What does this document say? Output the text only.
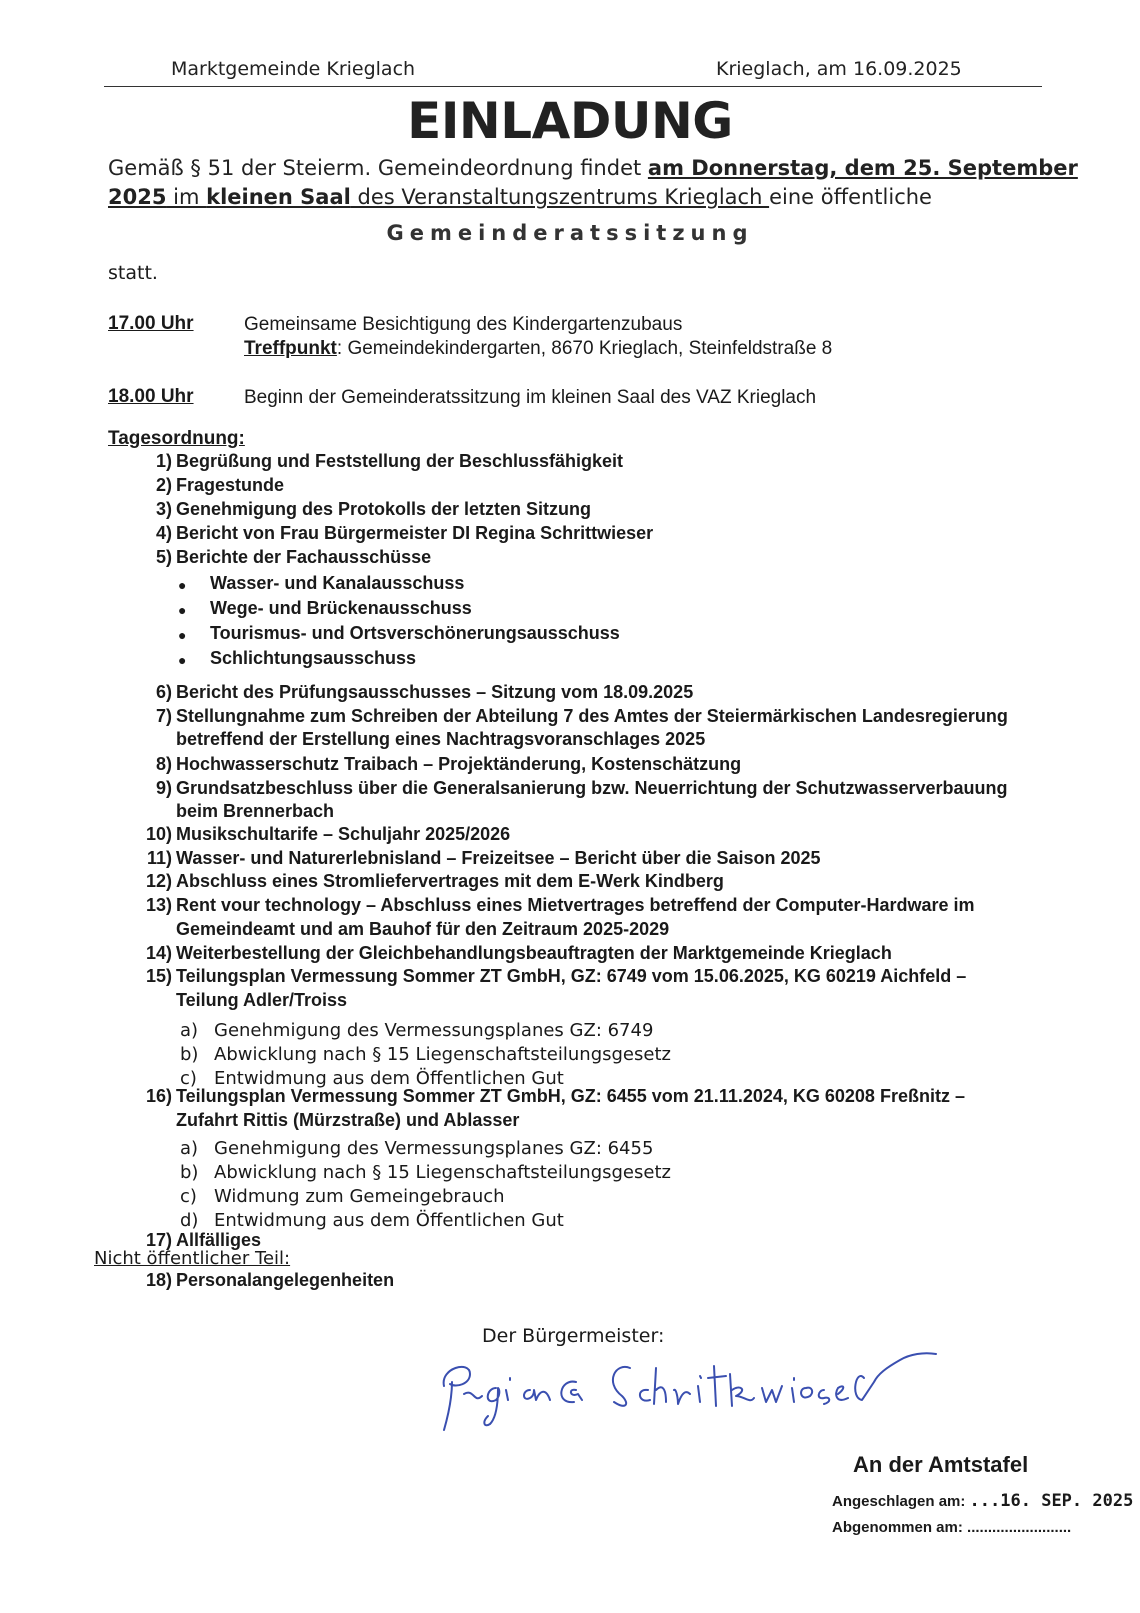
Marktgemeinde Krieglach	Krieglach, am 16.09.2025
EINLADUNG
Gemäß § 51 der Steierm. Gemeindeordnung findet am Donnerstag, dem 25. September
2025 im kleinen Saal des Veranstaltungszentrums Krieglach eine öffentliche
Gemeinderatssitzung
statt.
17.00 Uhr	Gemeinsame Besichtigung des Kindergartenzubaus
Treffpunkt: Gemeindekindergarten, 8670 Krieglach, Steinfeldstraße 8
18.00 Uhr	Beginn der Gemeinderatssitzung im kleinen Saal des VAZ Krieglach
Tagesordnung:
1) Begrüßung und Feststellung der Beschlussfähigkeit
2) Fragestunde
3) Genehmigung des Protokolls der letzten Sitzung
4) Bericht von Frau Bürgermeister DI Regina Schrittwieser
5) Berichte der Fachausschüsse
6) Bericht des Prüfungsausschusses – Sitzung vom 18.09.2025
7) Stellungnahme zum Schreiben der Abteilung 7 des Amtes der Steiermärkischen Landesregierung
betreffend der Erstellung eines Nachtragsvoranschlages 2025
8) Hochwasserschutz Traibach – Projektänderung, Kostenschätzung
9) Grundsatzbeschluss über die Generalsanierung bzw. Neuerrichtung der Schutzwasserverbauung
beim Brennerbach
10) Musikschultarife – Schuljahr 2025/2026
11) Wasser- und Naturerlebnisland – Freizeitsee – Bericht über die Saison 2025
12) Abschluss eines Stromliefervertrages mit dem E-Werk Kindberg
13) Rent vour technology – Abschluss eines Mietvertrages betreffend der Computer-Hardware im
Gemeindeamt und am Bauhof für den Zeitraum 2025-2029
14) Weiterbestellung der Gleichbehandlungsbeauftragten der Marktgemeinde Krieglach
15) Teilungsplan Vermessung Sommer ZT GmbH, GZ: 6749 vom 15.06.2025, KG 60219 Aichfeld –
Teilung Adler/Troiss
16) Teilungsplan Vermessung Sommer ZT GmbH, GZ: 6455 vom 21.11.2024, KG 60208 Freßnitz –
Zufahrt Rittis (Mürzstraße) und Ablasser
17) Allfälliges
18) Personalangelegenheiten
● Wasser- und Kanalausschuss
● Wege- und Brückenausschuss
● Tourismus- und Ortsverschönerungsausschuss
● Schlichtungsausschuss
a) Genehmigung des Vermessungsplanes GZ: 6749
b) Abwicklung nach § 15 Liegenschaftsteilungsgesetz
c) Entwidmung aus dem Öffentlichen Gut
a) Genehmigung des Vermessungsplanes GZ: 6455
b) Abwicklung nach § 15 Liegenschaftsteilungsgesetz
c) Widmung zum Gemeingebrauch
d) Entwidmung aus dem Öffentlichen Gut
Nicht öffentlicher Teil:
Der Bürgermeister:
An der Amtstafel
Angeschlagen am: ...16. SEP. 2025
Abgenommen am: .........................
